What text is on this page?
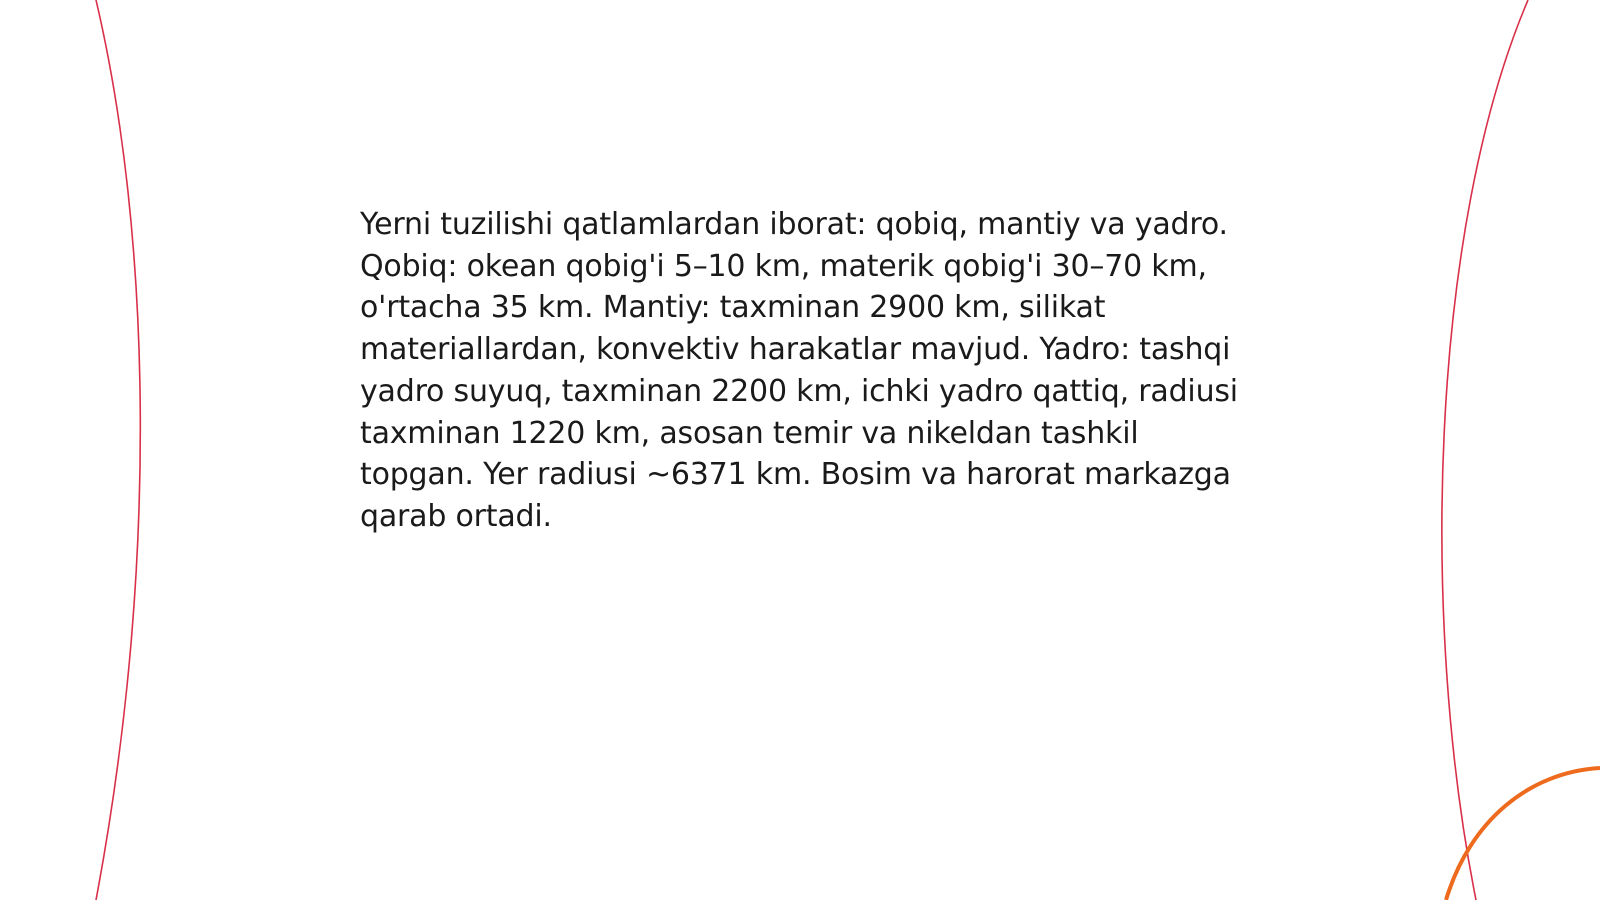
Yerni tuzilishi qatlamlardan iborat: qobiq, mantiy va yadro. Qobiq: okean qobig'i 5–10 km, materik qobig'i 30–70 km, o'rtacha 35 km. Mantiy: taxminan 2900 km, silikat materiallardan, konvektiv harakatlar mavjud. Yadro: tashqi yadro suyuq, taxminan 2200 km, ichki yadro qattiq, radiusi taxminan 1220 km, asosan temir va nikeldan tashkil topgan. Yer radiusi ~6371 km. Bosim va harorat markazga qarab ortadi.
